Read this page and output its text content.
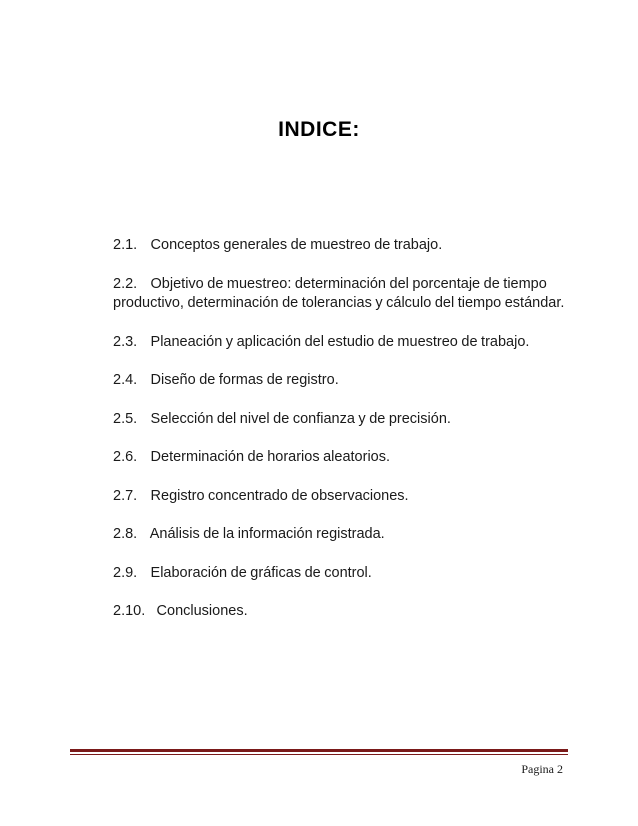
INDICE:
2.1. Conceptos generales de muestreo de trabajo.
2.2. Objetivo de muestreo: determinación del porcentaje de tiempo productivo, determinación de tolerancias y cálculo del tiempo estándar.
2.3. Planeación y aplicación del estudio de muestreo de trabajo.
2.4. Diseño de formas de registro.
2.5. Selección del nivel de confianza y de precisión.
2.6. Determinación de horarios aleatorios.
2.7. Registro concentrado de observaciones.
2.8. Análisis de la información registrada.
2.9. Elaboración de gráficas de control.
2.10. Conclusiones.
Pagina 2
